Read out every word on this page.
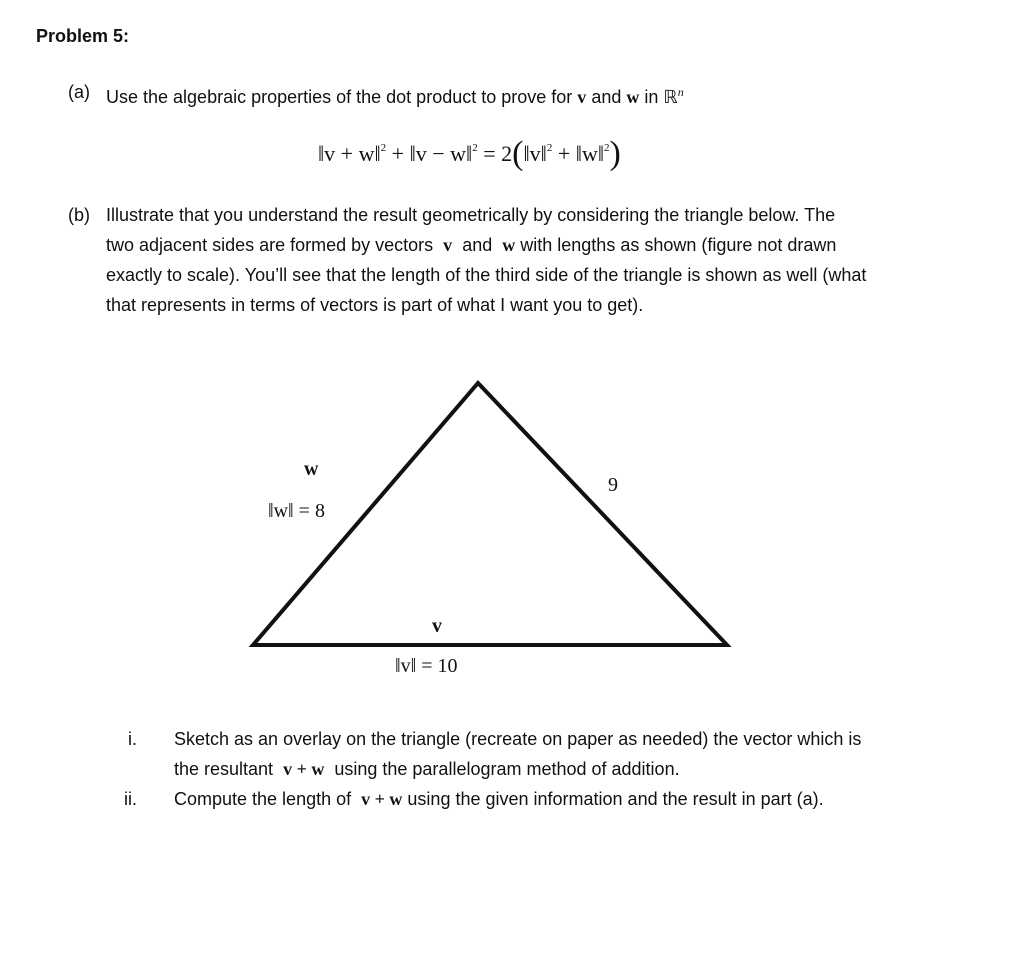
Problem 5:
(a) Use the algebraic properties of the dot product to prove for v and w in ℝ$^n$
‖v + w‖$^2$ + ‖v − w‖$^2$ = 2(‖v‖$^2$ + ‖w‖$^2$)
(b) Illustrate that you understand the result geometrically by considering the triangle below. The
two adjacent sides are formed by vectors v and w with lengths as shown (figure not drawn
exactly to scale). You’ll see that the length of the third side of the triangle is shown as well (what
that represents in terms of vectors is part of what I want you to get).
w
‖w‖ = 8
9
v
‖v‖ = 10
i. Sketch as an overlay on the triangle (recreate on paper as needed) the vector which is
the resultant v + w using the parallelogram method of addition.
ii. Compute the length of v + w using the given information and the result in part (a).
